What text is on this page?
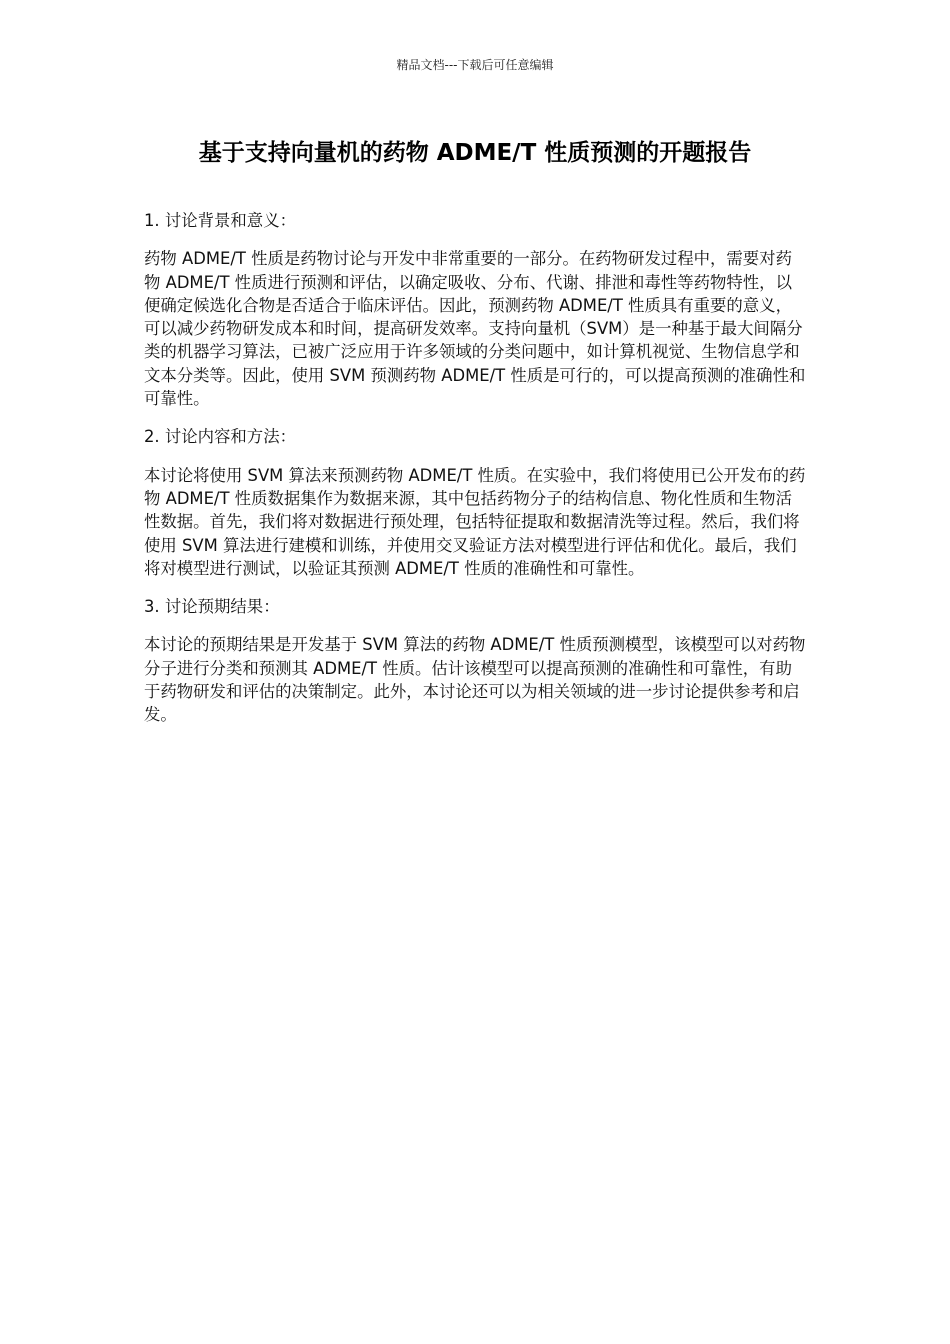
精品文档---下载后可任意编辑
基于支持向量机的药物 ADME/T 性质预测的开题报告

1. 讨论背景和意义：

药物 ADME/T 性质是药物讨论与开发中非常重要的一部分。在药物研发过程中，需要对药物 ADME/T 性质进行预测和评估，以确定吸收、分布、代谢、排泄和毒性等药物特性，以便确定候选化合物是否适合于临床评估。因此，预测药物 ADME/T 性质具有重要的意义，可以减少药物研发成本和时间，提高研发效率。支持向量机（SVM）是一种基于最大间隔分类的机器学习算法，已被广泛应用于许多领域的分类问题中，如计算机视觉、生物信息学和文本分类等。因此，使用 SVM 预测药物 ADME/T 性质是可行的，可以提高预测的准确性和可靠性。

2. 讨论内容和方法：

本讨论将使用 SVM 算法来预测药物 ADME/T 性质。在实验中，我们将使用已公开发布的药物 ADME/T 性质数据集作为数据来源，其中包括药物分子的结构信息、物化性质和生物活性数据。首先，我们将对数据进行预处理，包括特征提取和数据清洗等过程。然后，我们将使用 SVM 算法进行建模和训练，并使用交叉验证方法对模型进行评估和优化。最后，我们将对模型进行测试，以验证其预测 ADME/T 性质的准确性和可靠性。

3. 讨论预期结果：

本讨论的预期结果是开发基于 SVM 算法的药物 ADME/T 性质预测模型，该模型可以对药物分子进行分类和预测其 ADME/T 性质。估计该模型可以提高预测的准确性和可靠性，有助于药物研发和评估的决策制定。此外，本讨论还可以为相关领域的进一步讨论提供参考和启发。
